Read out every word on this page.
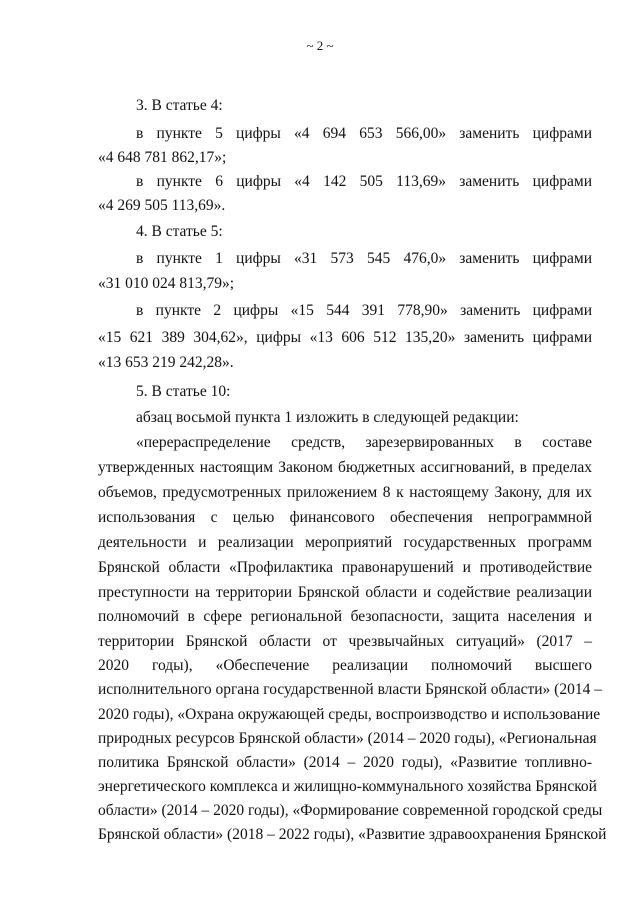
~ 2 ~
3. В статье 4:
в пункте 5 цифры «4 694 653 566,00» заменить цифрами
«4 648 781 862,17»;
в пункте 6 цифры «4 142 505 113,69» заменить цифрами
«4 269 505 113,69».
4. В статье 5:
в пункте 1 цифры «31 573 545 476,0» заменить цифрами
«31 010 024 813,79»;
в пункте 2 цифры «15 544 391 778,90» заменить цифрами
«15 621 389 304,62», цифры «13 606 512 135,20» заменить цифрами
«13 653 219 242,28».
5. В статье 10:
абзац восьмой пункта 1 изложить в следующей редакции:
«перераспределение средств, зарезервированных в составе
утвержденных настоящим Законом бюджетных ассигнований, в пределах
объемов, предусмотренных приложением 8 к настоящему Закону, для их
использования с целью финансового обеспечения непрограммной
деятельности и реализации мероприятий государственных программ
Брянской области «Профилактика правонарушений и противодействие
преступности на территории Брянской области и содействие реализации
полномочий в сфере региональной безопасности, защита населения и
территории Брянской области от чрезвычайных ситуаций» (2017 –
2020 годы), «Обеспечение реализации полномочий высшего
исполнительного органа государственной власти Брянской области» (2014 –
2020 годы), «Охрана окружающей среды, воспроизводство и использование
природных ресурсов Брянской области» (2014 – 2020 годы), «Региональная
политика Брянской области» (2014 – 2020 годы), «Развитие топливно-
энергетического комплекса и жилищно-коммунального хозяйства Брянской
области» (2014 – 2020 годы), «Формирование современной городской среды
Брянской области» (2018 – 2022 годы), «Развитие здравоохранения Брянской
